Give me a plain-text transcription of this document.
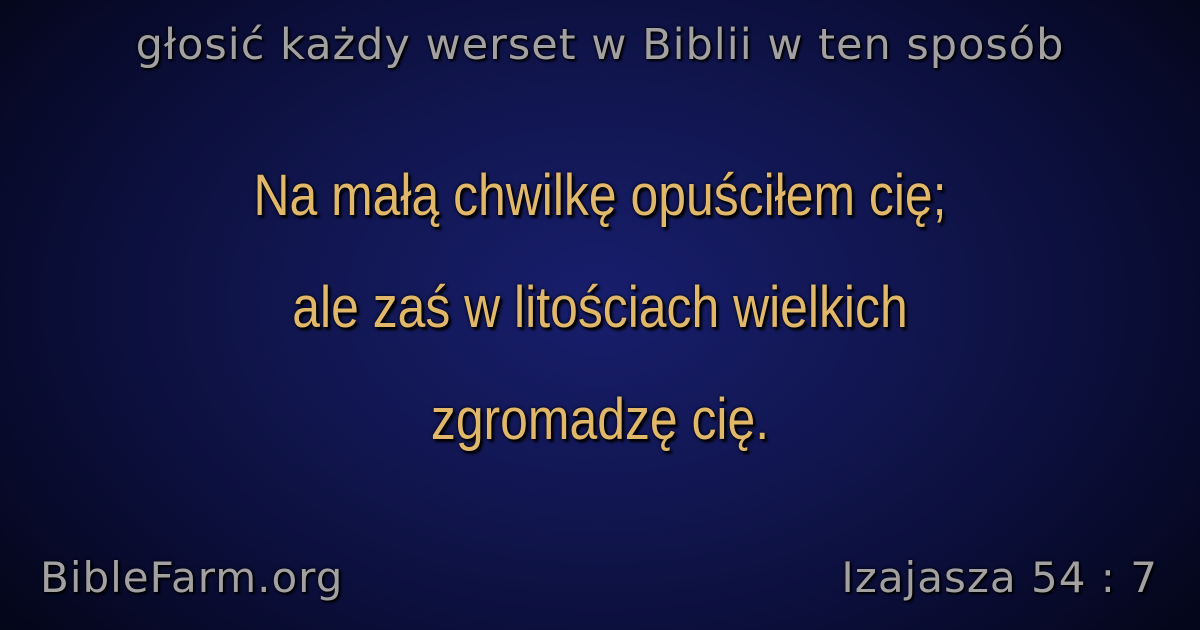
głosić każdy werset w Biblii w ten sposób
Na małą chwilkę opuściłem cię;
ale zaś w litościach wielkich
zgromadzę cię.
BibleFarm.org	Izajasza 54 : 7
